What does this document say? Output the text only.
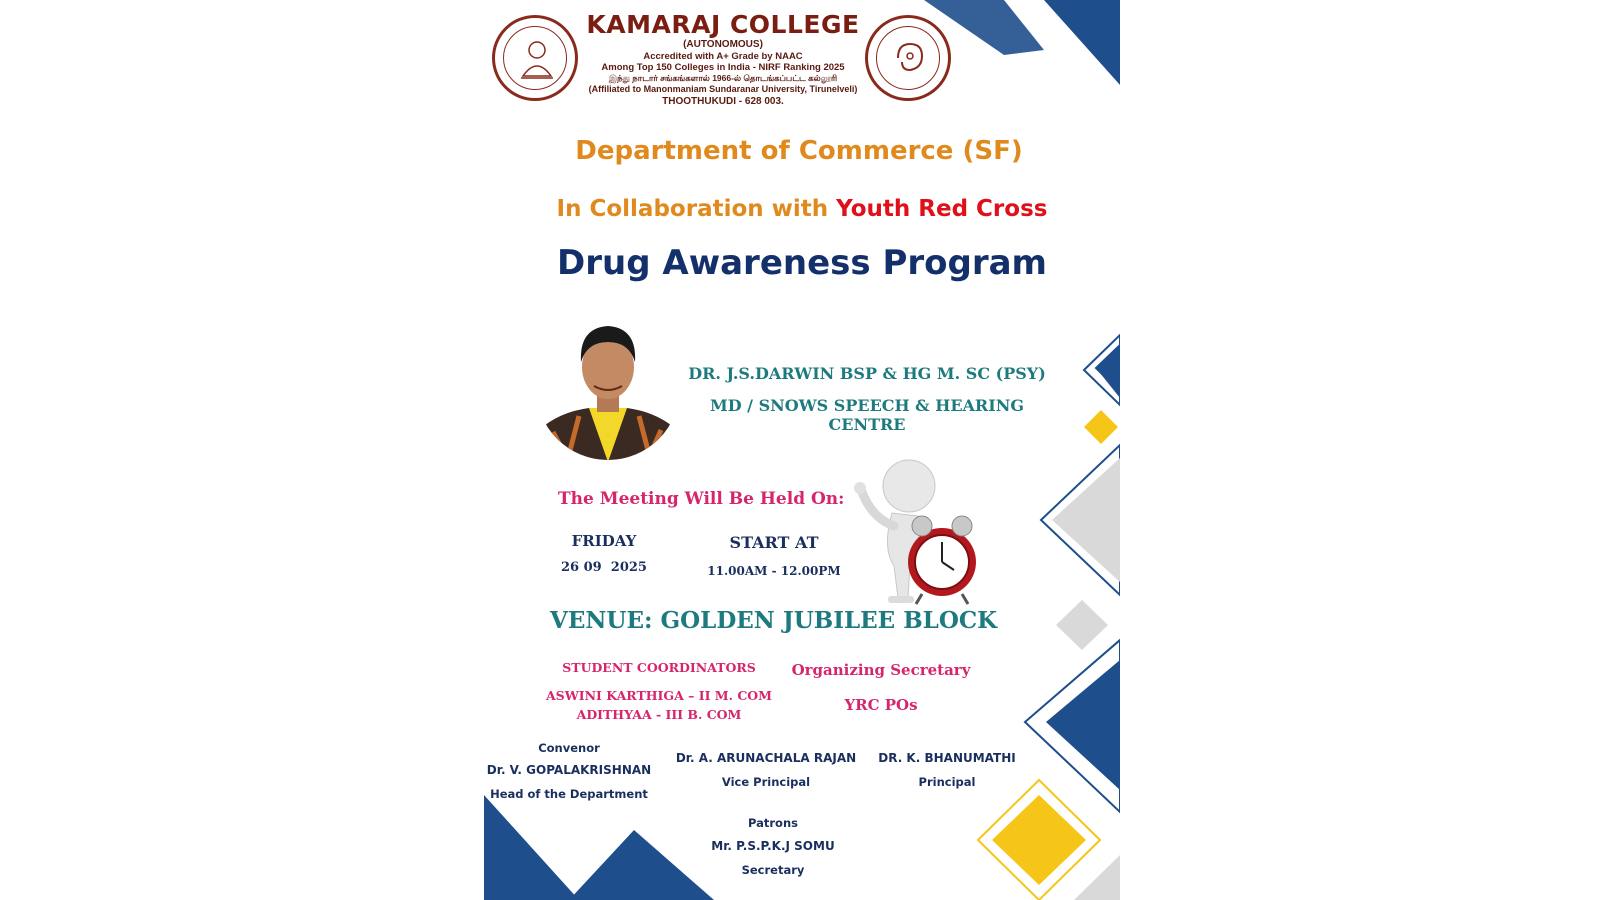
KAMARAJ COLLEGE
(AUTONOMOUS)
Accredited with A+ Grade by NAAC
Among Top 150 Colleges in India - NIRF Ranking 2025
இந்து நாடார் சங்கங்களால் 1966-ல் தொடங்கப்பட்ட கல்லூரி
(Affiliated to Manonmaniam Sundaranar University, Tirunelveli)
THOOTHUKUDI - 628 003.
Department of Commerce (SF)
In Collaboration with Youth Red Cross
Drug Awareness Program
DR. J.S.DARWIN BSP & HG M. SC (PSY)
MD / SNOWS SPEECH & HEARING CENTRE
The Meeting Will Be Held On:
FRIDAY
26 09  2025
START AT
11.00AM - 12.00PM
VENUE: GOLDEN JUBILEE BLOCK
STUDENT COORDINATORS
ASWINI KARTHIGA – II M. COM
ADITHYAA - III B. COM
Organizing Secretary
YRC POs
Convenor
Dr. V. GOPALAKRISHNAN
Head of the Department
Dr. A. ARUNACHALA RAJAN
Vice Principal
DR. K. BHANUMATHI
Principal
Patrons
Mr. P.S.P.K.J SOMU
Secretary
